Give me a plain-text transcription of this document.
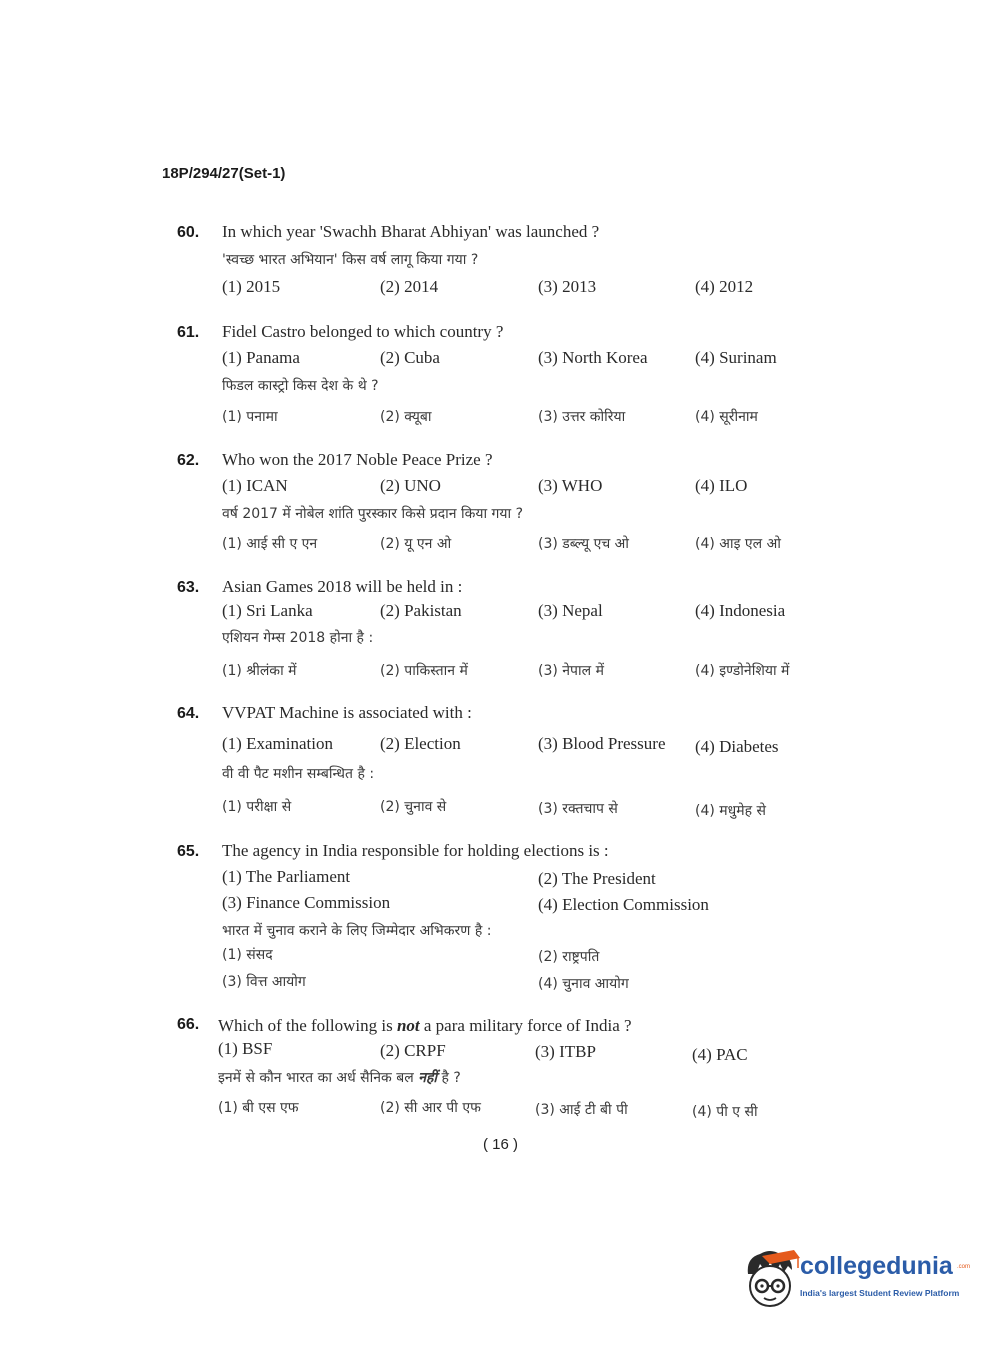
18P/294/27(Set-1)
60. In which year 'Swachh Bharat Abhiyan' was launched ?
'स्वच्छ भारत अभियान' किस वर्ष लागू किया गया ?
(1) 2015	(2) 2014	(3) 2013	(4) 2012
61. Fidel Castro belonged to which country ?
(1) Panama	(2) Cuba	(3) North Korea	(4) Surinam
फिडल कास्ट्रो किस देश के थे ?
(1) पनामा	(2) क्यूबा	(3) उत्तर कोरिया	(4) सूरीनाम
62. Who won the 2017 Noble Peace Prize ?
(1) ICAN	(2) UNO	(3) WHO	(4) ILO
वर्ष 2017 में नोबेल शांति पुरस्कार किसे प्रदान किया गया ?
(1) आई सी ए एन	(2) यू एन ओ	(3) डब्ल्यू एच ओ	(4) आइ एल ओ
63. Asian Games 2018 will be held in :
(1) Sri Lanka	(2) Pakistan	(3) Nepal	(4) Indonesia
एशियन गेम्स 2018 होना है :
(1) श्रीलंका में	(2) पाकिस्तान में	(3) नेपाल में	(4) इण्डोनेशिया में
64. VVPAT Machine is associated with :
(1) Examination	(2) Election	(3) Blood Pressure (4) Diabetes
वी वी पैट मशीन सम्बन्धित है :
(1) परीक्षा से	(2) चुनाव से	(3) रक्तचाप से	(4) मधुमेह से
65. The agency in India responsible for holding elections is :
(1) The Parliament	(2) The President
(3) Finance Commission	(4) Election Commission
भारत में चुनाव कराने के लिए जिम्मेदार अभिकरण है :
(1) संसद	(2) राष्ट्रपति
(3) वित्त आयोग	(4) चुनाव आयोग
66. Which of the following is not a para military force of India ?
(1) BSF	(2) CRPF	(3) ITBP	(4) PAC
इनमें से कौन भारत का अर्ध सैनिक बल नहीं है ?
(1) बी एस एफ	(2) सी आर पी एफ	(3) आई टी बी पी	(4) पी ए सी
( 16 )
collegedunia .com
India's largest Student Review Platform
